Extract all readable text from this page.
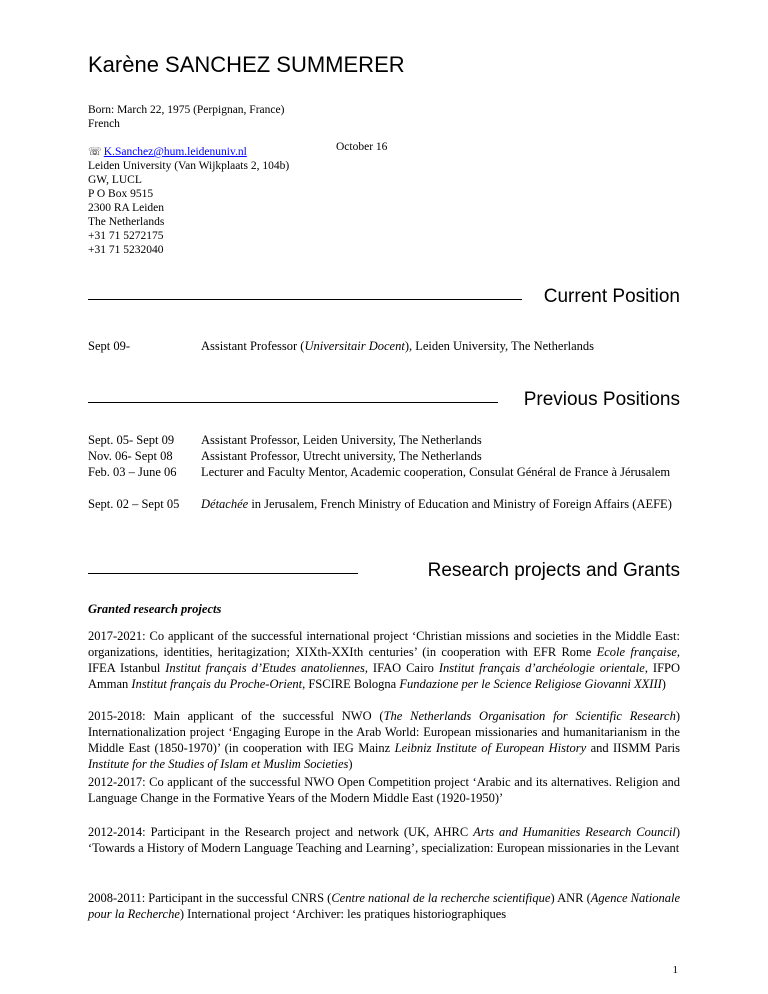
Karène SANCHEZ SUMMERER
Born: March 22, 1975 (Perpignan, France)
French
☏ K.Sanchez@hum.leidenuniv.nl
Leiden University (Van Wijkplaats 2, 104b)
GW, LUCL
P O Box 9515
2300 RA Leiden
The Netherlands
+31 71 5272175
+31 71 5232040
October 16
Current Position
Sept 09-	Assistant Professor (Universitair Docent), Leiden University, The Netherlands
Previous Positions
Sept. 05- Sept 09	Assistant Professor, Leiden University, The Netherlands
Nov. 06- Sept 08	Assistant Professor, Utrecht university, The Netherlands
Feb. 03 – June 06	Lecturer and Faculty Mentor, Academic cooperation, Consulat Général de France à Jérusalem
Sept. 02 – Sept 05	Détachée in Jerusalem, French Ministry of Education and Ministry of Foreign Affairs (AEFE)
Research projects and Grants
Granted research projects
2017-2021: Co applicant of the successful international project ‘Christian missions and societies in the Middle East: organizations, identities, heritagization; XIXth-XXIth centuries’ (in cooperation with EFR Rome Ecole française, IFEA Istanbul Institut français d’Etudes anatoliennes, IFAO Cairo Institut français d’archéologie orientale, IFPO Amman Institut français du Proche-Orient, FSCIRE Bologna Fundazione per le Science Religiose Giovanni XXIII)
2015-2018: Main applicant of the successful NWO (The Netherlands Organisation for Scientific Research) Internationalization project ‘Engaging Europe in the Arab World: European missionaries and humanitarianism in the Middle East (1850-1970)’ (in cooperation with IEG Mainz Leibniz Institute of European History and IISMM Paris Institute for the Studies of Islam et Muslim Societies)
2012-2017: Co applicant of the successful NWO Open Competition project ‘Arabic and its alternatives. Religion and Language Change in the Formative Years of the Modern Middle East (1920-1950)’
2012-2014: Participant in the Research project and network (UK, AHRC Arts and Humanities Research Council) ‘Towards a History of Modern Language Teaching and Learning’, specialization: European missionaries in the Levant
2008-2011: Participant in the successful CNRS (Centre national de la recherche scientifique) ANR (Agence Nationale pour la Recherche) International project ‘Archiver: les pratiques historiographiques
1
